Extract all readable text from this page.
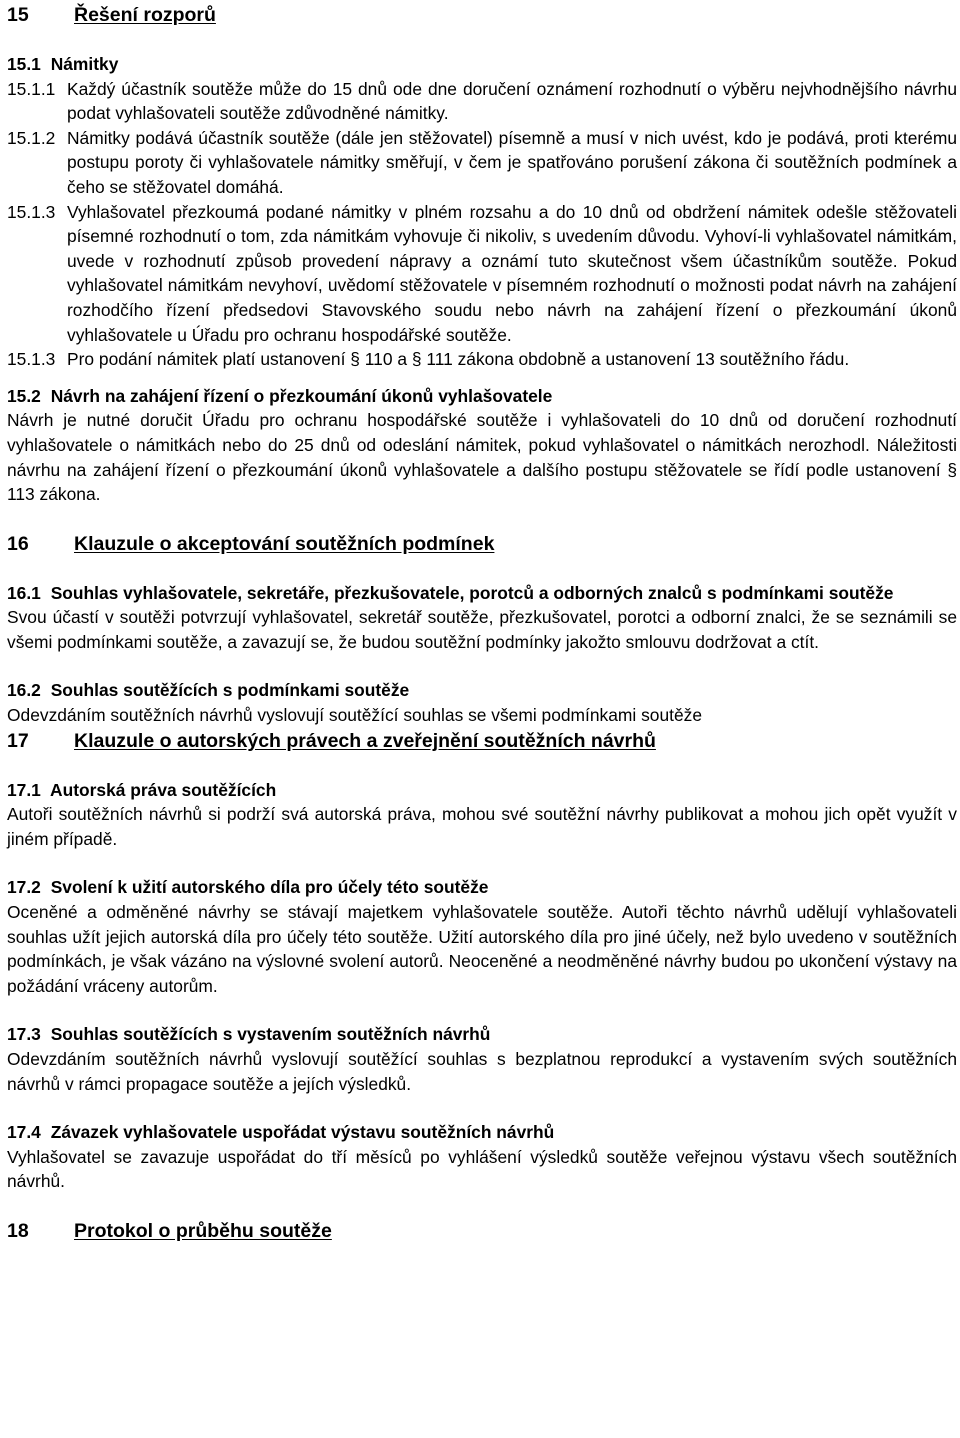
15	Řešení rozporů
15.1 Námitky
15.1.1 Každý účastník soutěže může do 15 dnů ode dne doručení oznámení rozhodnutí o výběru nejvhodnějšího návrhu podat vyhlašovateli soutěže zdůvodněné námitky.
15.1.2 Námitky podává účastník soutěže (dále jen stěžovatel) písemně a musí v nich uvést, kdo je podává, proti kterému postupu poroty či vyhlašovatele námitky směřují, v čem je spatřováno porušení zákona či soutěžních podmínek a čeho se stěžovatel domáhá.
15.1.3 Vyhlašovatel přezkoumá podané námitky v plném rozsahu a do 10 dnů od obdržení námitek odešle stěžovateli písemné rozhodnutí o tom, zda námitkám vyhovuje či nikoliv, s uvedením důvodu. Vyhoví-li vyhlašovatel námitkám, uvede v rozhodnutí způsob provedení nápravy a oznámí tuto skutečnost všem účastníkům soutěže. Pokud vyhlašovatel námitkám nevyhoví, uvědomí stěžovatele v písemném rozhodnutí o možnosti podat návrh na zahájení rozhodčího řízení předsedovi Stavovského soudu nebo návrh na zahájení řízení o přezkoumání úkonů vyhlašovatele u Úřadu pro ochranu hospodářské soutěže.
15.1.3 Pro podání námitek platí ustanovení § 110 a § 111 zákona obdobně a ustanovení 13 soutěžního řádu.
15.2 Návrh na zahájení řízení o přezkoumání úkonů vyhlašovatele

Návrh je nutné doručit Úřadu pro ochranu hospodářské soutěže i vyhlašovateli do 10 dnů od doručení rozhodnutí vyhlašovatele o námitkách nebo do 25 dnů od odeslání námitek, pokud vyhlašovatel o námitkách nerozhodl. Náležitosti návrhu na zahájení řízení o přezkoumání úkonů vyhlašovatele a dalšího postupu stěžovatele se řídí podle ustanovení § 113 zákona.

16	Klauzule o akceptování soutěžních podmínek
16.1 Souhlas vyhlašovatele, sekretáře, přezkušovatele, porotců a odborných znalců s podmínkami soutěže

Svou účastí v soutěži potvrzují vyhlašovatel, sekretář soutěže, přezkušovatel, porotci a odborní znalci, že se seznámili se všemi podmínkami soutěže, a zavazují se, že budou soutěžní podmínky jakožto smlouvu dodržovat a ctít.

16.2 Souhlas soutěžících s podmínkami soutěže

Odevzdáním soutěžních návrhů vyslovují soutěžící souhlas se všemi podmínkami soutěže

17	Klauzule o autorských právech a zveřejnění soutěžních návrhů
17.1 Autorská práva soutěžících

Autoři soutěžních návrhů si podrží svá autorská práva, mohou své soutěžní návrhy publikovat a mohou jich opět využít v jiném případě.

17.2 Svolení k užití autorského díla pro účely této soutěže

Oceněné a odměněné návrhy se stávají majetkem vyhlašovatele soutěže. Autoři těchto návrhů udělují vyhlašovateli souhlas užít jejich autorská díla pro účely této soutěže. Užití autorského díla pro jiné účely, než bylo uvedeno v soutěžních podmínkách, je však vázáno na výslovné svolení autorů. Neoceněné a neodměněné návrhy budou po ukončení výstavy na požádání vráceny autorům.

17.3 Souhlas soutěžících s vystavením soutěžních návrhů

Odevzdáním soutěžních návrhů vyslovují soutěžící souhlas s bezplatnou reprodukcí a vystavením svých soutěžních návrhů v rámci propagace soutěže a jejích výsledků.

17.4 Závazek vyhlašovatele uspořádat výstavu soutěžních návrhů

Vyhlašovatel se zavazuje uspořádat do tří měsíců po vyhlášení výsledků soutěže veřejnou výstavu všech soutěžních návrhů.

18	Protokol o průběhu soutěže
